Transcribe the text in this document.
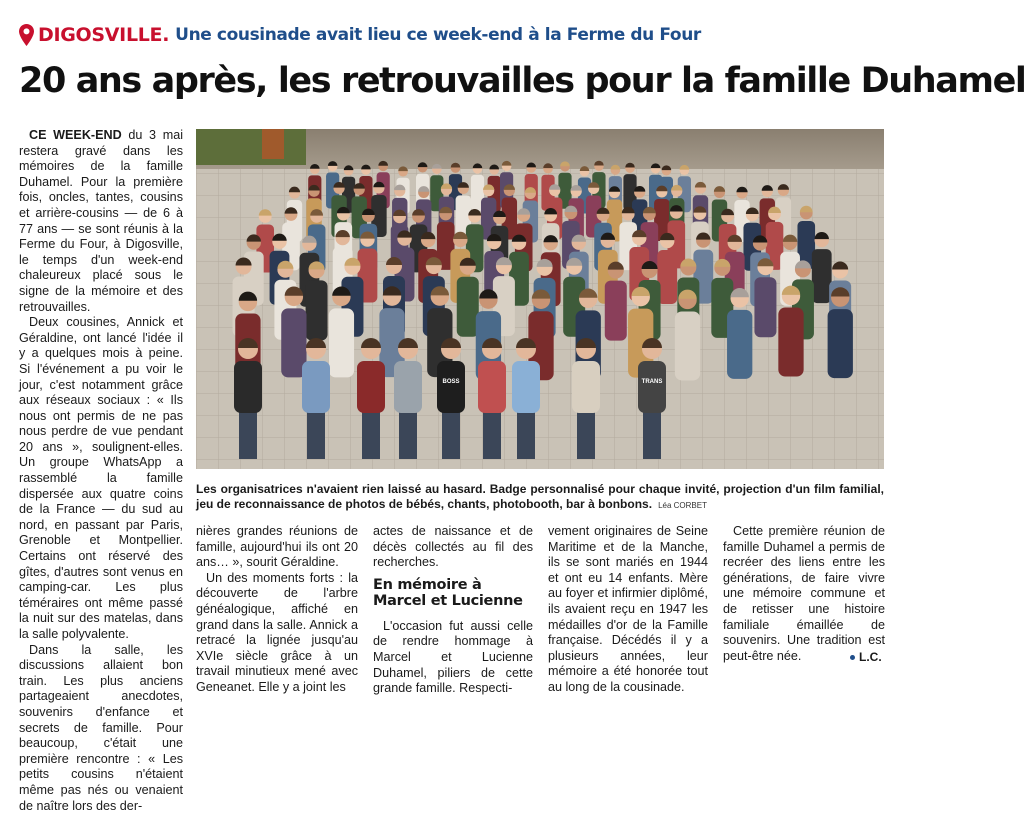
DIGOSVILLE. Une cousinade avait lieu ce week-end à la Ferme du Four
20 ans après, les retrouvailles pour la famille Duhamel

CE WEEK-END du 3 mai restera gravé dans les mémoires de la famille Duhamel. Pour la première fois, oncles, tantes, cousins et arrière-cousins — de 6 à 77 ans — se sont réunis à la Ferme du Four, à Digosville, le temps d'un week-end chaleureux placé sous le signe de la mémoire et des retrouvailles.

Deux cousines, Annick et Géraldine, ont lancé l'idée il y a quelques mois à peine. Si l'événement a pu voir le jour, c'est notamment grâce aux réseaux sociaux : « Ils nous ont permis de ne pas nous perdre de vue pendant 20 ans », soulignent-elles. Un groupe WhatsApp a rassemblé la famille dispersée aux quatre coins de la France — du sud au nord, en passant par Paris, Grenoble et Montpellier. Certains ont réservé des gîtes, d'autres sont venus en camping-car. Les plus téméraires ont même passé la nuit sur des matelas, dans la salle polyvalente.

Dans la salle, les discussions allaient bon train. Les plus anciens partageaient anecdotes, souvenirs d'enfance et secrets de famille. Pour beaucoup, c'était une première rencontre : « Les petits cousins n'étaient même pas nés ou venaient de naître lors des der-

BOSS	TRANS
Les organisatrices n'avaient rien laissé au hasard. Badge personnalisé pour chaque invité, projection d'un film familial, jeu de reconnaissance de photos de bébés, chants, photobooth, bar à bonbons. Léa CORBET

nières grandes réunions de famille, aujourd'hui ils ont 20 ans… », sourit Géraldine.

Un des moments forts : la découverte de l'arbre généalogique, affiché en grand dans la salle. Annick a retracé la lignée jusqu'au XVIe siècle grâce à un travail minutieux mené avec Geneanet. Elle y a joint les

actes de naissance et de décès collectés au fil des recherches.

En mémoire à Marcel et Lucienne

L'occasion fut aussi celle de rendre hommage à Marcel et Lucienne Duhamel, piliers de cette grande famille. Respecti-

vement originaires de Seine Maritime et de la Manche, ils se sont mariés en 1944 et ont eu 14 enfants. Mère au foyer et infirmier diplômé, ils avaient reçu en 1947 les médailles d'or de la Famille française. Décédés il y a plusieurs années, leur mémoire a été honorée tout au long de la cousinade.

Cette première réunion de famille Duhamel a permis de recréer des liens entre les générations, de faire vivre une mémoire commune et de retisser une histoire familiale émaillée de souvenirs. Une tradition est peut-être née.	L.C.
